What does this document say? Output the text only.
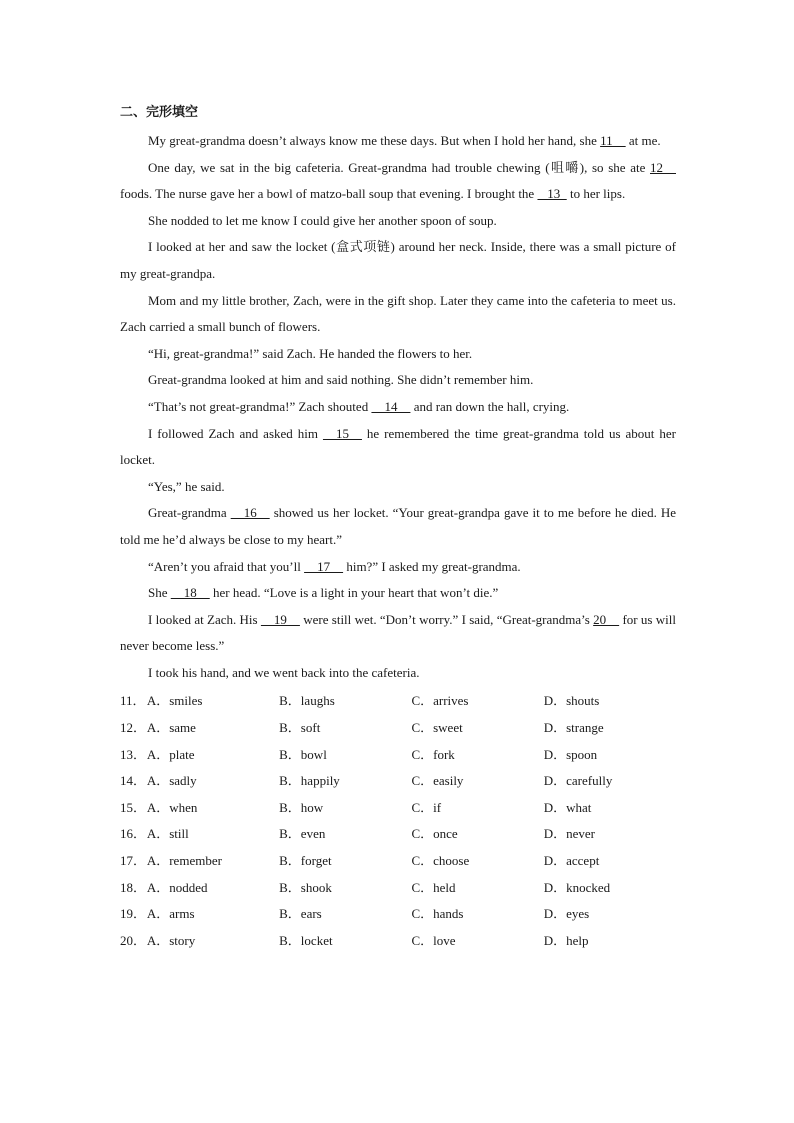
二、完形填空

My great-grandma doesn’t always know me these days. But when I hold her hand, she 11     at me.

One day, we sat in the big cafeteria. Great-grandma had trouble chewing (咀嚼), so she ate 12     foods. The nurse gave her a bowl of matzo-ball soup that evening. I brought the    13   to her lips.

She nodded to let me know I could give her another spoon of soup.

I looked at her and saw the locket (盒式项链) around her neck. Inside, there was a small picture of my great-grandpa.

Mom and my little brother, Zach, were in the gift shop. Later they came into the cafeteria to meet us. Zach carried a small bunch of flowers.

“Hi, great-grandma!” said Zach. He handed the flowers to her.

Great-grandma looked at him and said nothing. She didn’t remember him.

“That’s not great-grandma!” Zach shouted     14     and ran down the hall, crying.

I followed Zach and asked him     15     he remembered the time great-grandma told us about her locket.

“Yes,” he said.

Great-grandma     16     showed us her locket. “Your great-grandpa gave it to me before he died. He told me he’d always be close to my heart.”

“Aren’t you afraid that you’ll     17     him?” I asked my great-grandma.

She     18     her head. “Love is a light in your heart that won’t die.”

I looked at Zach. His     19     were still wet. “Don’t worry.” I said, “Great-grandma’s 20     for us will never become less.”

I took his hand, and we went back into the cafeteria.

11． A．smiles	B．laughs	C．arrives	D．shouts
12． A．same	B．soft	C．sweet	D．strange
13． A．plate	B．bowl	C．fork	D．spoon
14． A．sadly	B．happily	C．easily	D．carefully
15． A．when	B．how	C．if	D．what
16． A．still	B．even	C．once	D．never
17． A．remember	B．forget	C．choose	D．accept
18． A．nodded	B．shook	C．held	D．knocked
19． A．arms	B．ears	C．hands	D．eyes
20． A．story	B．locket	C．love	D．help
